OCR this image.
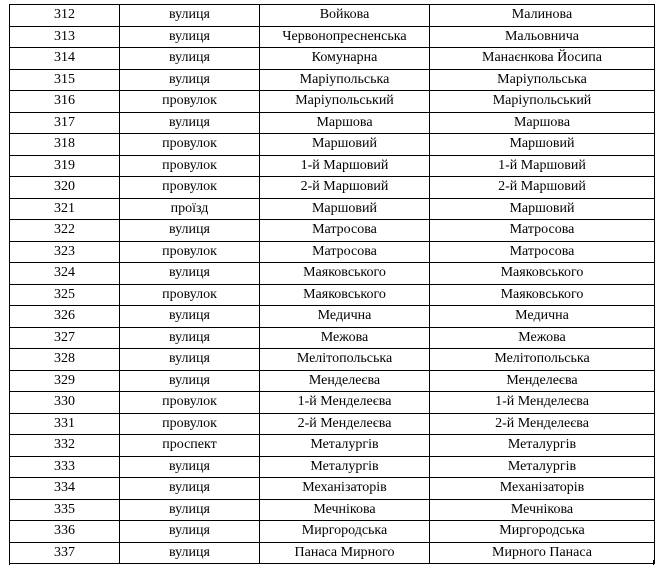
312	вулиця	Войкова	Малинова
313	вулиця	Червонопресненська	Мальовнича
314	вулиця	Комунарна	Манаєнкова Йосипа
315	вулиця	Маріупольська	Маріупольська
316	провулок	Маріупольський	Маріупольський
317	вулиця	Маршова	Маршова
318	провулок	Маршовий	Маршовий
319	провулок	1-й Маршовий	1-й Маршовий
320	провулок	2-й Маршовий	2-й Маршовий
321	проїзд	Маршовий	Маршовий
322	вулиця	Матросова	Матросова
323	провулок	Матросова	Матросова
324	вулиця	Маяковського	Маяковського
325	провулок	Маяковського	Маяковського
326	вулиця	Медична	Медична
327	вулиця	Межова	Межова
328	вулиця	Мелітопольська	Мелітопольська
329	вулиця	Менделеєва	Менделеєва
330	провулок	1-й Менделеєва	1-й Менделеєва
331	провулок	2-й Менделеєва	2-й Менделеєва
332	проспект	Металургів	Металургів
333	вулиця	Металургів	Металургів
334	вулиця	Механізаторів	Механізаторів
335	вулиця	Мечнікова	Мечнікова
336	вулиця	Миргородська	Миргородська
337	вулиця	Панаса Мирного	Мирного Панаса
